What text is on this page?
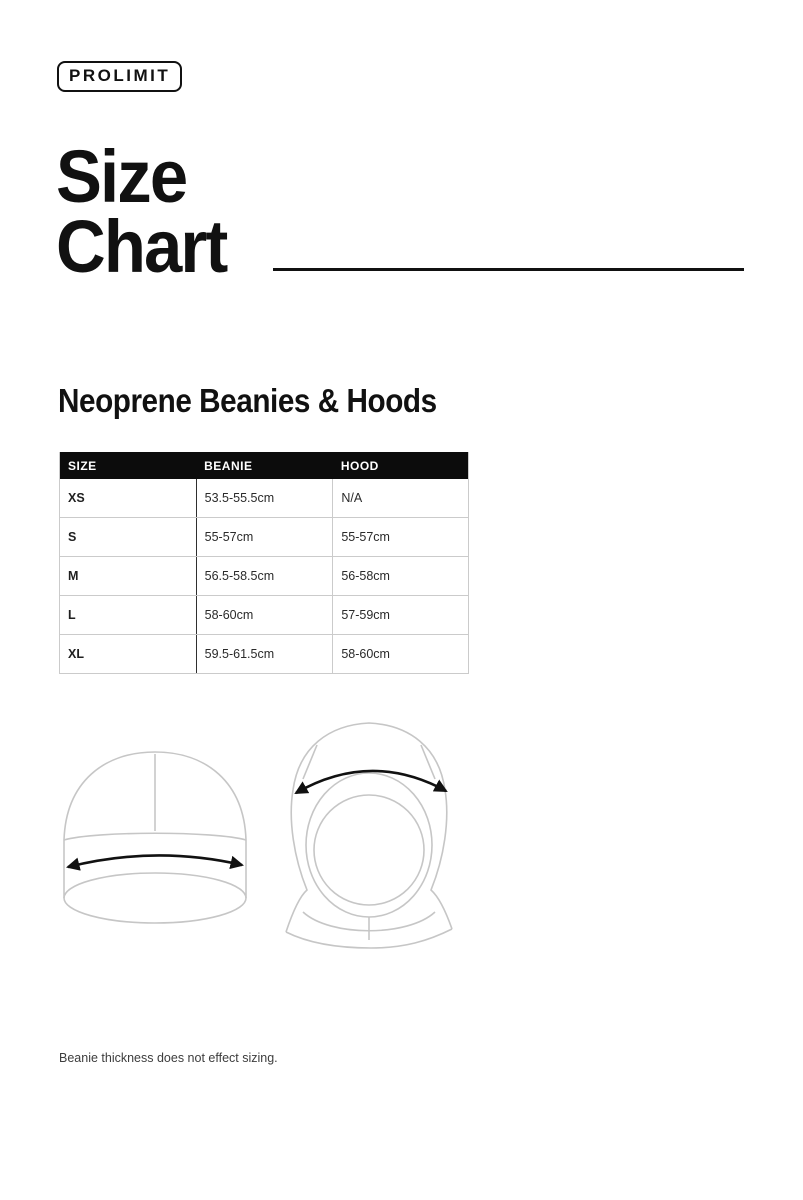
PROLIMIT
Size
Chart
Neoprene Beanies & Hoods
SIZE	BEANIE	HOOD
XS	53.5-55.5cm	N/A
S	55-57cm	55-57cm
M	56.5-58.5cm	56-58cm
L	58-60cm	57-59cm
XL	59.5-61.5cm	58-60cm
Beanie thickness does not effect sizing.
